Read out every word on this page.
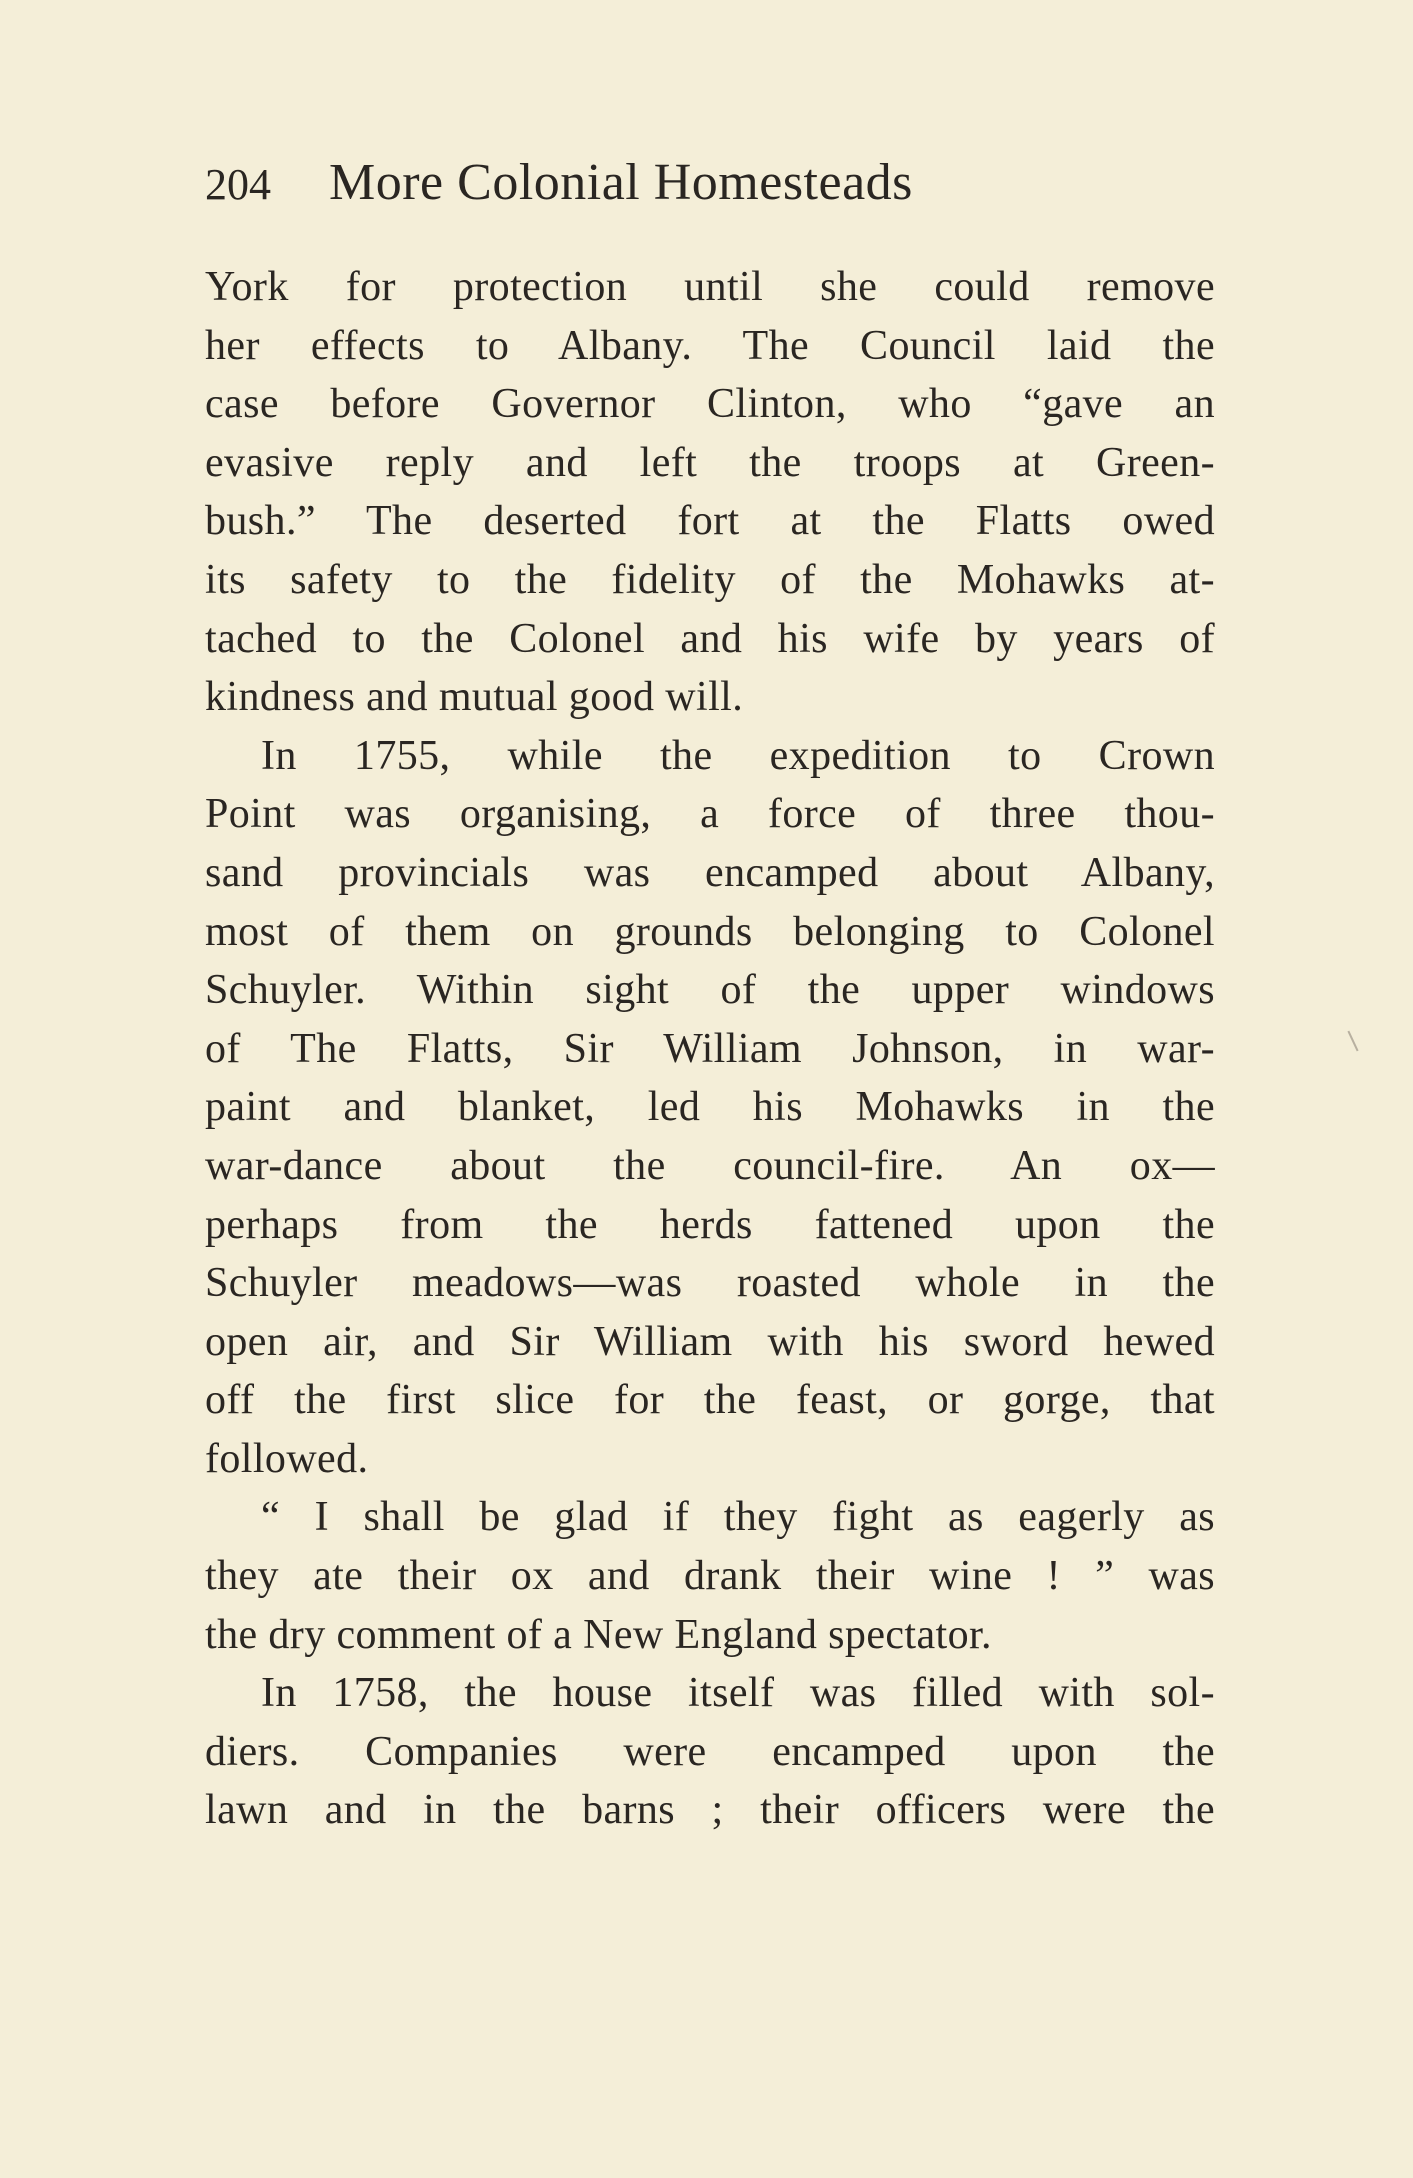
204 More Colonial Homesteads
York for protection until she could remove
her effects to Albany. The Council laid the
case before Governor Clinton, who “gave an
evasive reply and left the troops at Green-
bush.” The deserted fort at the Flatts owed
its safety to the fidelity of the Mohawks at-
tached to the Colonel and his wife by years of
kindness and mutual good will.
In 1755, while the expedition to Crown
Point was organising, a force of three thou-
sand provincials was encamped about Albany,
most of them on grounds belonging to Colonel
Schuyler. Within sight of the upper windows
of The Flatts, Sir William Johnson, in war-
paint and blanket, led his Mohawks in the
war-dance about the council-fire. An ox—
perhaps from the herds fattened upon the
Schuyler meadows—was roasted whole in the
open air, and Sir William with his sword hewed
off the first slice for the feast, or gorge, that
followed.
“ I shall be glad if they fight as eagerly as
they ate their ox and drank their wine ! ” was
the dry comment of a New England spectator.
In 1758, the house itself was filled with sol-
diers. Companies were encamped upon the
lawn and in the barns ; their officers were the
